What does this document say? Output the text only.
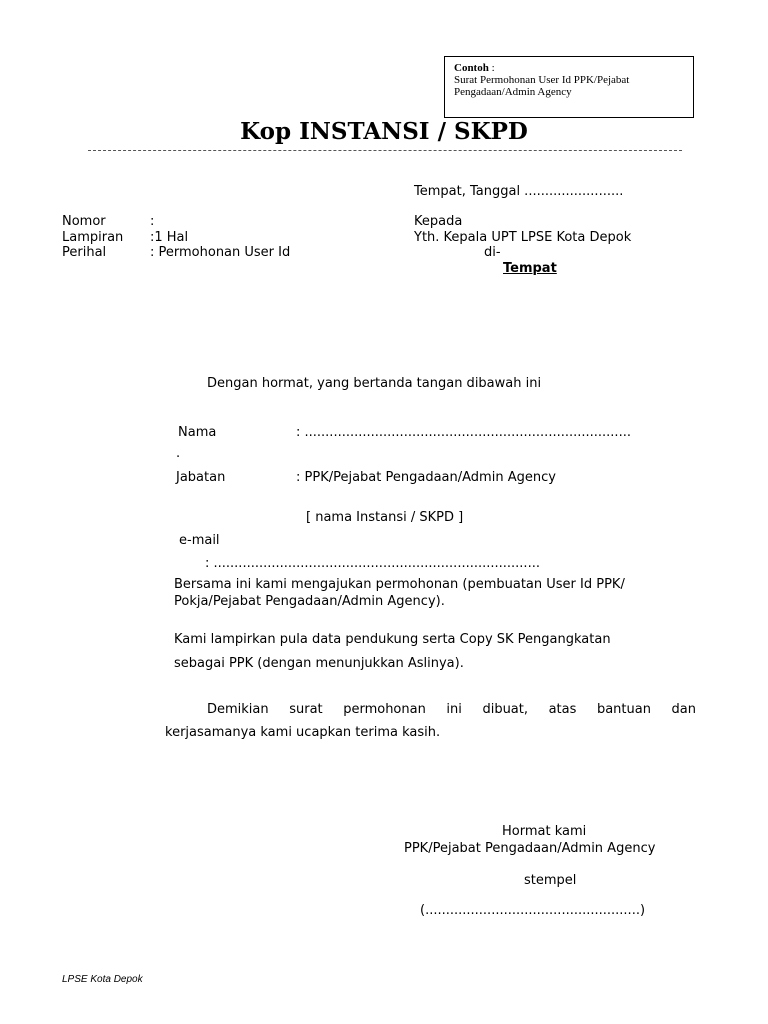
Contoh :
Surat Permohonan User Id PPK/Pejabat
Pengadaan/Admin Agency
Kop INSTANSI / SKPD
Tempat, Tanggal ........................
Nomor	:
Lampiran :1 Hal
Perihal	: Permohonan User Id
Kepada
Yth. Kepala UPT LPSE Kota Depok
di-
Tempat
Dengan hormat, yang bertanda tangan dibawah ini
Nama	: ...............................................................................
.
Jabatan	: PPK/Pejabat Pengadaan/Admin Agency
[ nama Instansi / SKPD ]
e-mail
: ...............................................................................
Bersama ini kami mengajukan permohonan (pembuatan User Id PPK/
Pokja/Pejabat Pengadaan/Admin Agency).
Kami lampirkan pula data pendukung serta Copy SK Pengangkatan
sebagai PPK (dengan menunjukkan Aslinya).
Demikian surat permohonan ini dibuat, atas bantuan dan
kerjasamanya kami ucapkan terima kasih.
Hormat kami
PPK/Pejabat Pengadaan/Admin Agency
stempel
(....................................................)
LPSE Kota Depok
